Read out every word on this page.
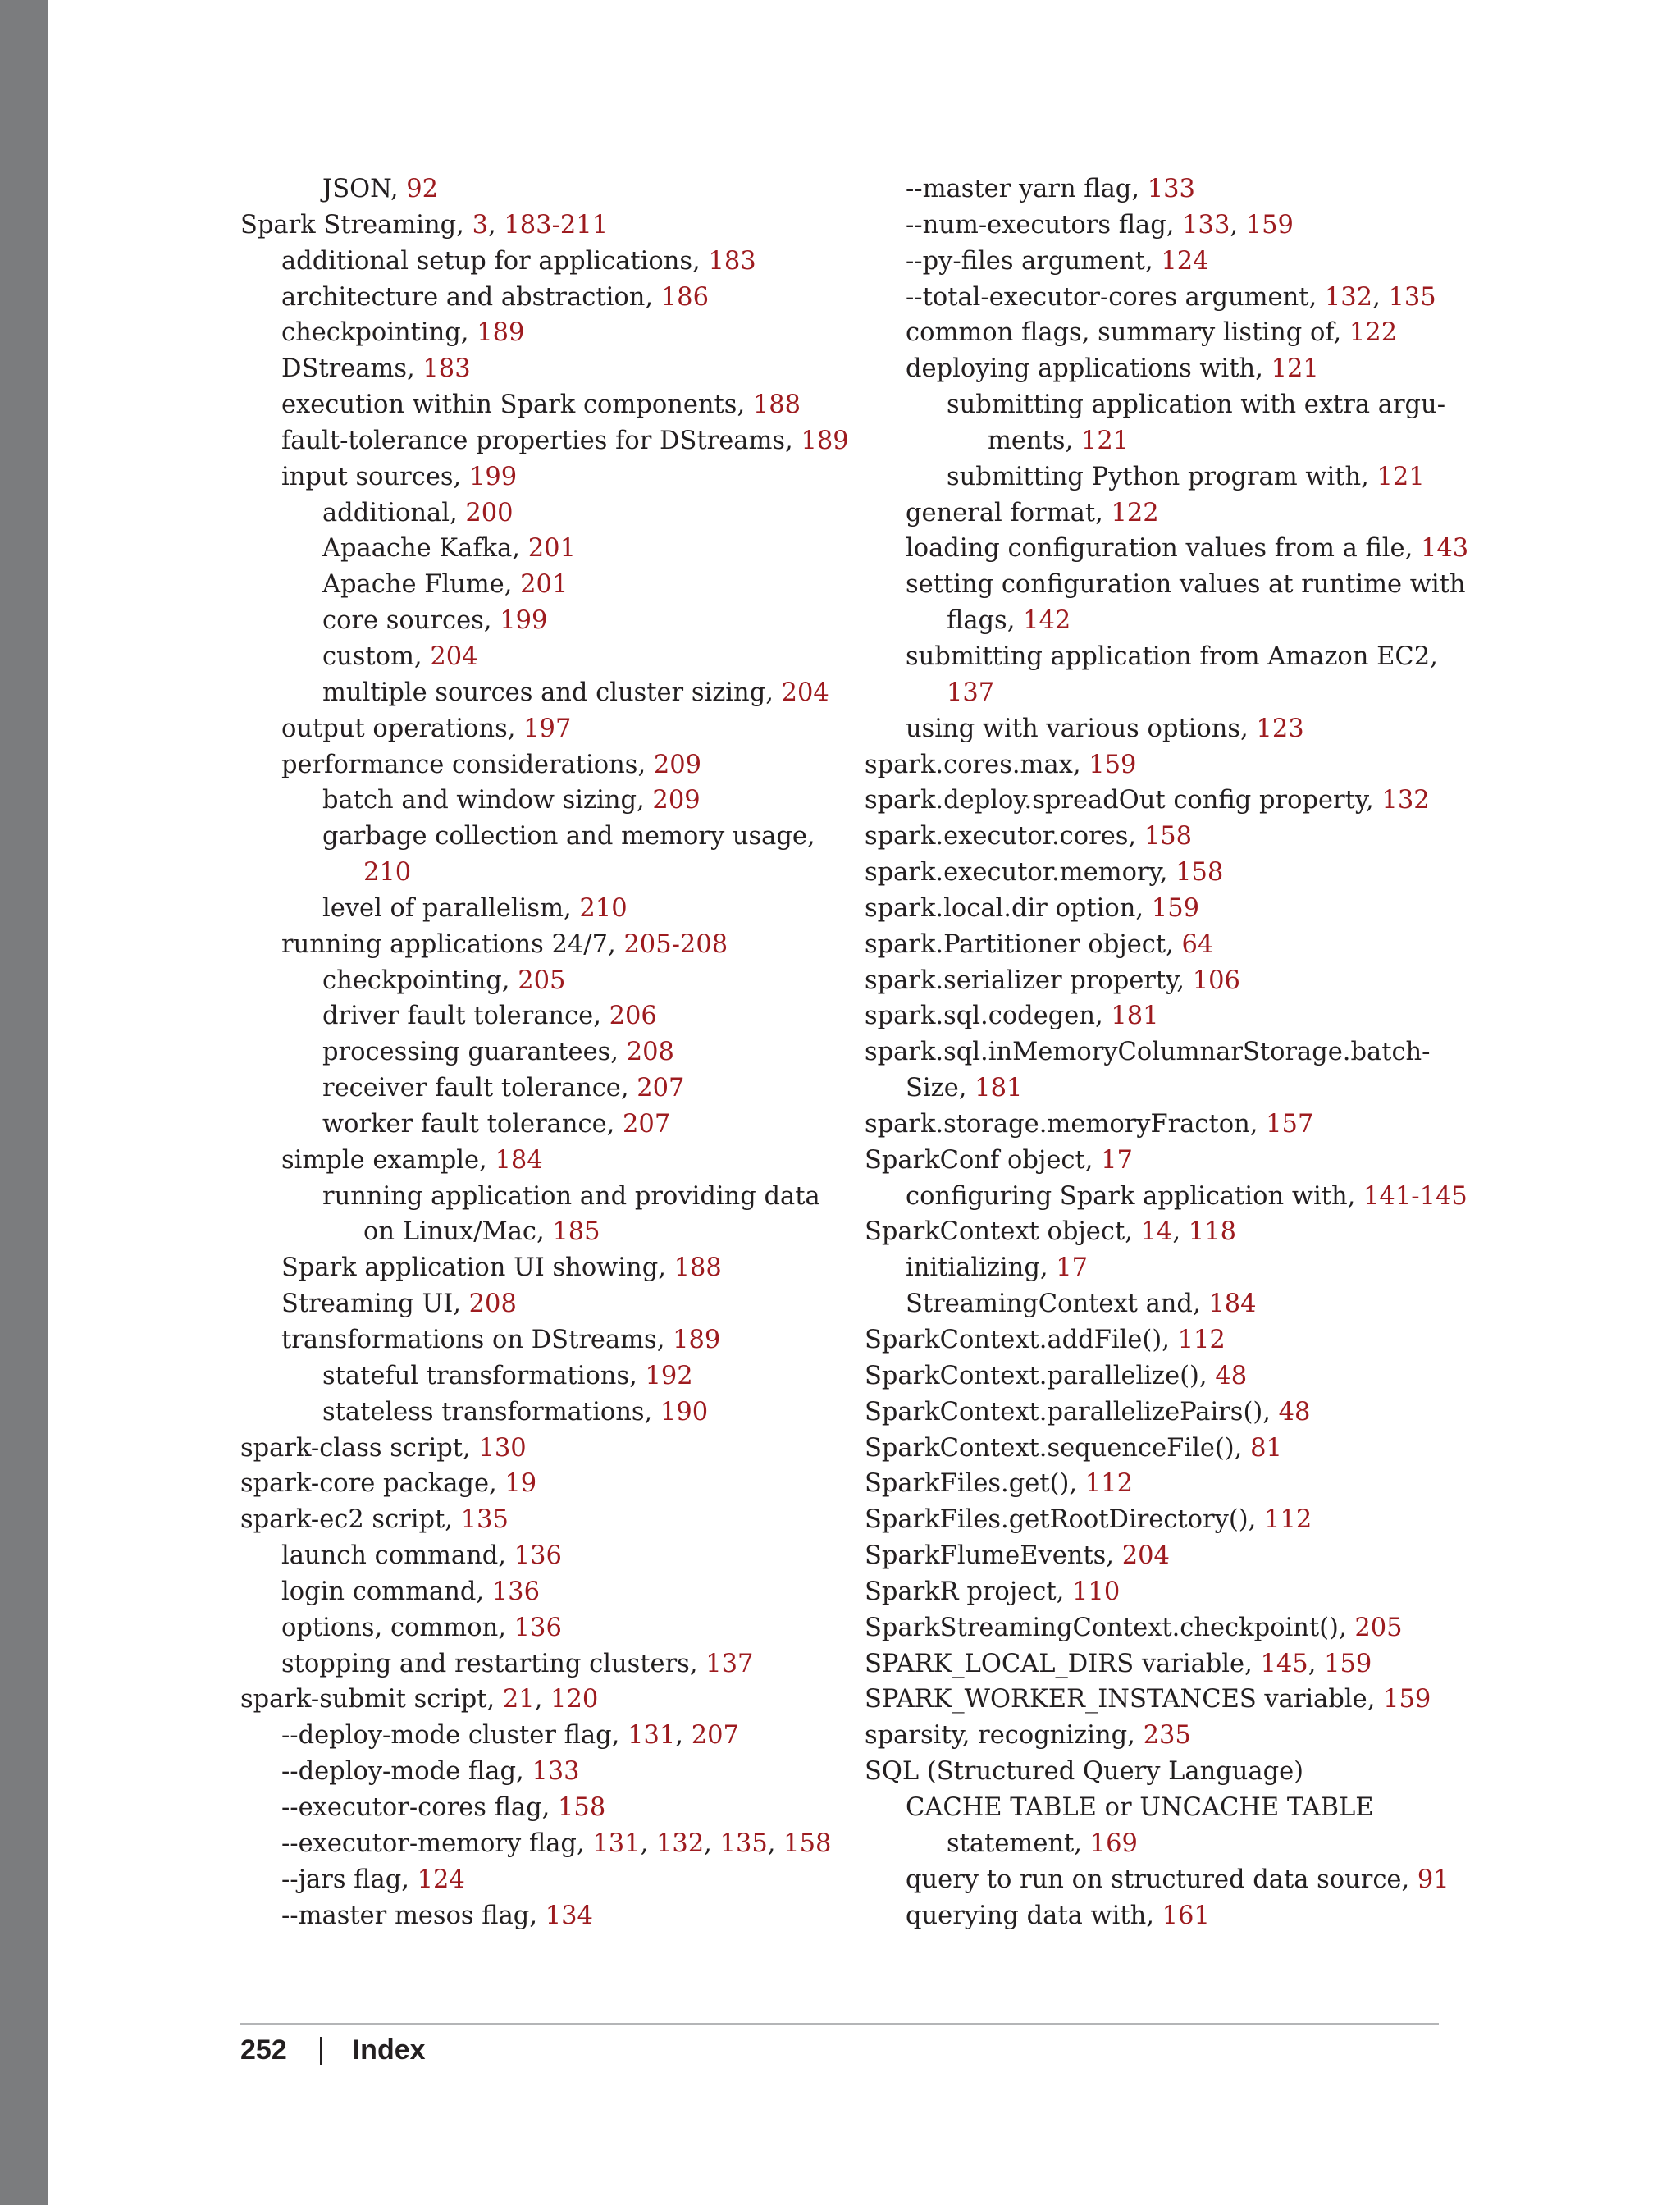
JSON, 92
Spark Streaming, 3, 183-211
additional setup for applications, 183
architecture and abstraction, 186
checkpointing, 189
DStreams, 183
execution within Spark components, 188
fault-tolerance properties for DStreams, 189
input sources, 199
additional, 200
Apaache Kafka, 201
Apache Flume, 201
core sources, 199
custom, 204
multiple sources and cluster sizing, 204
output operations, 197
performance considerations, 209
batch and window sizing, 209
garbage collection and memory usage,
210
level of parallelism, 210
running applications 24/7, 205-208
checkpointing, 205
driver fault tolerance, 206
processing guarantees, 208
receiver fault tolerance, 207
worker fault tolerance, 207
simple example, 184
running application and providing data
on Linux/Mac, 185
Spark application UI showing, 188
Streaming UI, 208
transformations on DStreams, 189
stateful transformations, 192
stateless transformations, 190
spark-class script, 130
spark-core package, 19
spark-ec2 script, 135
launch command, 136
login command, 136
options, common, 136
stopping and restarting clusters, 137
spark-submit script, 21, 120
--deploy-mode cluster flag, 131, 207
--deploy-mode flag, 133
--executor-cores flag, 158
--executor-memory flag, 131, 132, 135, 158
--jars flag, 124
--master mesos flag, 134
--master yarn flag, 133
--num-executors flag, 133, 159
--py-files argument, 124
--total-executor-cores argument, 132, 135
common flags, summary listing of, 122
deploying applications with, 121
submitting application with extra argu-
ments, 121
submitting Python program with, 121
general format, 122
loading configuration values from a file, 143
setting configuration values at runtime with
flags, 142
submitting application from Amazon EC2,
137
using with various options, 123
spark.cores.max, 159
spark.deploy.spreadOut config property, 132
spark.executor.cores, 158
spark.executor.memory, 158
spark.local.dir option, 159
spark.Partitioner object, 64
spark.serializer property, 106
spark.sql.codegen, 181
spark.sql.inMemoryColumnarStorage.batch-
Size, 181
spark.storage.memoryFracton, 157
SparkConf object, 17
configuring Spark application with, 141-145
SparkContext object, 14, 118
initializing, 17
StreamingContext and, 184
SparkContext.addFile(), 112
SparkContext.parallelize(), 48
SparkContext.parallelizePairs(), 48
SparkContext.sequenceFile(), 81
SparkFiles.get(), 112
SparkFiles.getRootDirectory(), 112
SparkFlumeEvents, 204
SparkR project, 110
SparkStreamingContext.checkpoint(), 205
SPARK_LOCAL_DIRS variable, 145, 159
SPARK_WORKER_INSTANCES variable, 159
sparsity, recognizing, 235
SQL (Structured Query Language)
CACHE TABLE or UNCACHE TABLE
statement, 169
query to run on structured data source, 91
querying data with, 161
252 Index
